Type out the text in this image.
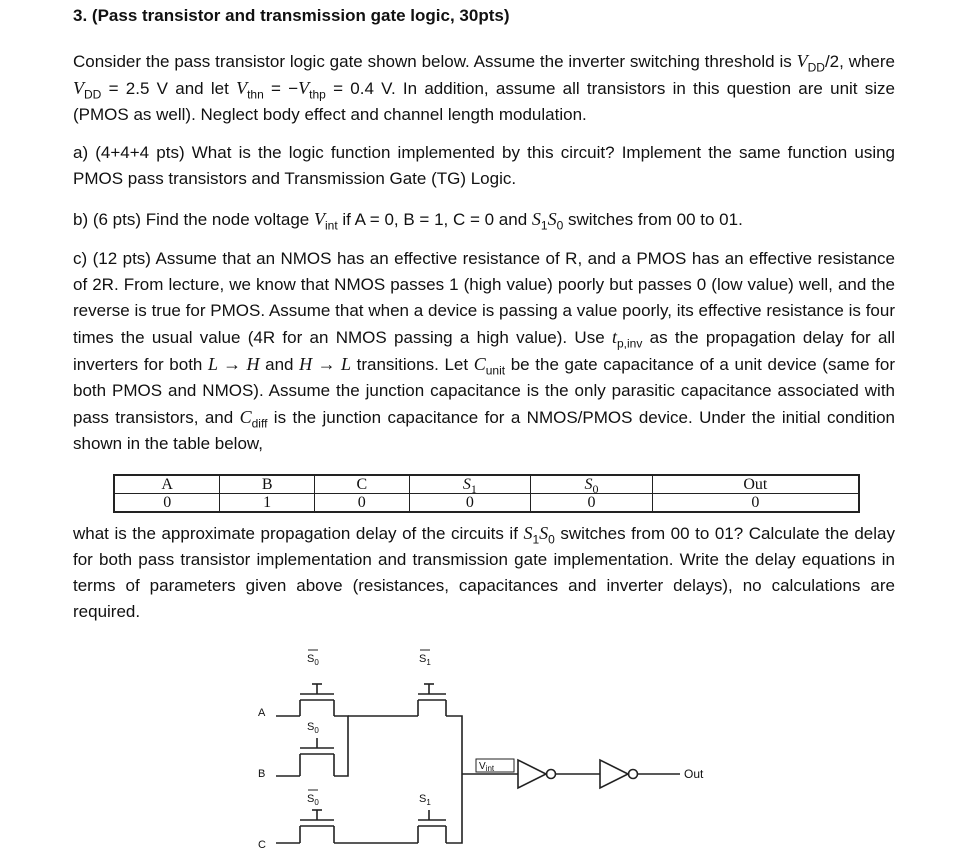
3. (Pass transistor and transmission gate logic, 30pts)
Consider the pass transistor logic gate shown below. Assume the inverter switching threshold is $V_{DD}/2$, where $V_{DD} = 2.5$ V and let $V_{thn} = -V_{thp} = 0.4$ V. In addition, assume all transistors in this question are unit size (PMOS as well). Neglect body effect and channel length modulation.
a) (4+4+4 pts) What is the logic function implemented by this circuit? Implement the same function using PMOS pass transistors and Transmission Gate (TG) Logic.
b) (6 pts) Find the node voltage $V_{int}$ if A = 0, B = 1, C = 0 and $S_1S_0$ switches from 00 to 01.
c) (12 pts) Assume that an NMOS has an effective resistance of R, and a PMOS has an effective resistance of 2R. From lecture, we know that NMOS passes 1 (high value) poorly but passes 0 (low value) well, and the reverse is true for PMOS. Assume that when a device is passing a value poorly, its effective resistance is four times the usual value (4R for an NMOS passing a high value). Use $t_{p,inv}$ as the propagation delay for all inverters for both L → H and H → L transitions. Let $C_{unit}$ be the gate capacitance of a unit device (same for both PMOS and NMOS). Assume the junction capacitance is the only parasitic capacitance associated with pass transistors, and $C_{diff}$ is the junction capacitance for a NMOS/PMOS device. Under the initial condition shown in the table below,
A	B	C	$S_1$	$S_0$	Out
0	1	0	0	0	0
what is the approximate propagation delay of the circuits if $S_1S_0$ switches from 00 to 01? Calculate the delay for both pass transistor implementation and transmission gate implementation. Write the delay equations in terms of parameters given above (resistances, capacitances and inverter delays), no calculations are required.
$S_0$	$S_1$
$S_0$
$S_0$	$S_1$
A
B
C
$V_{int}$	Out
